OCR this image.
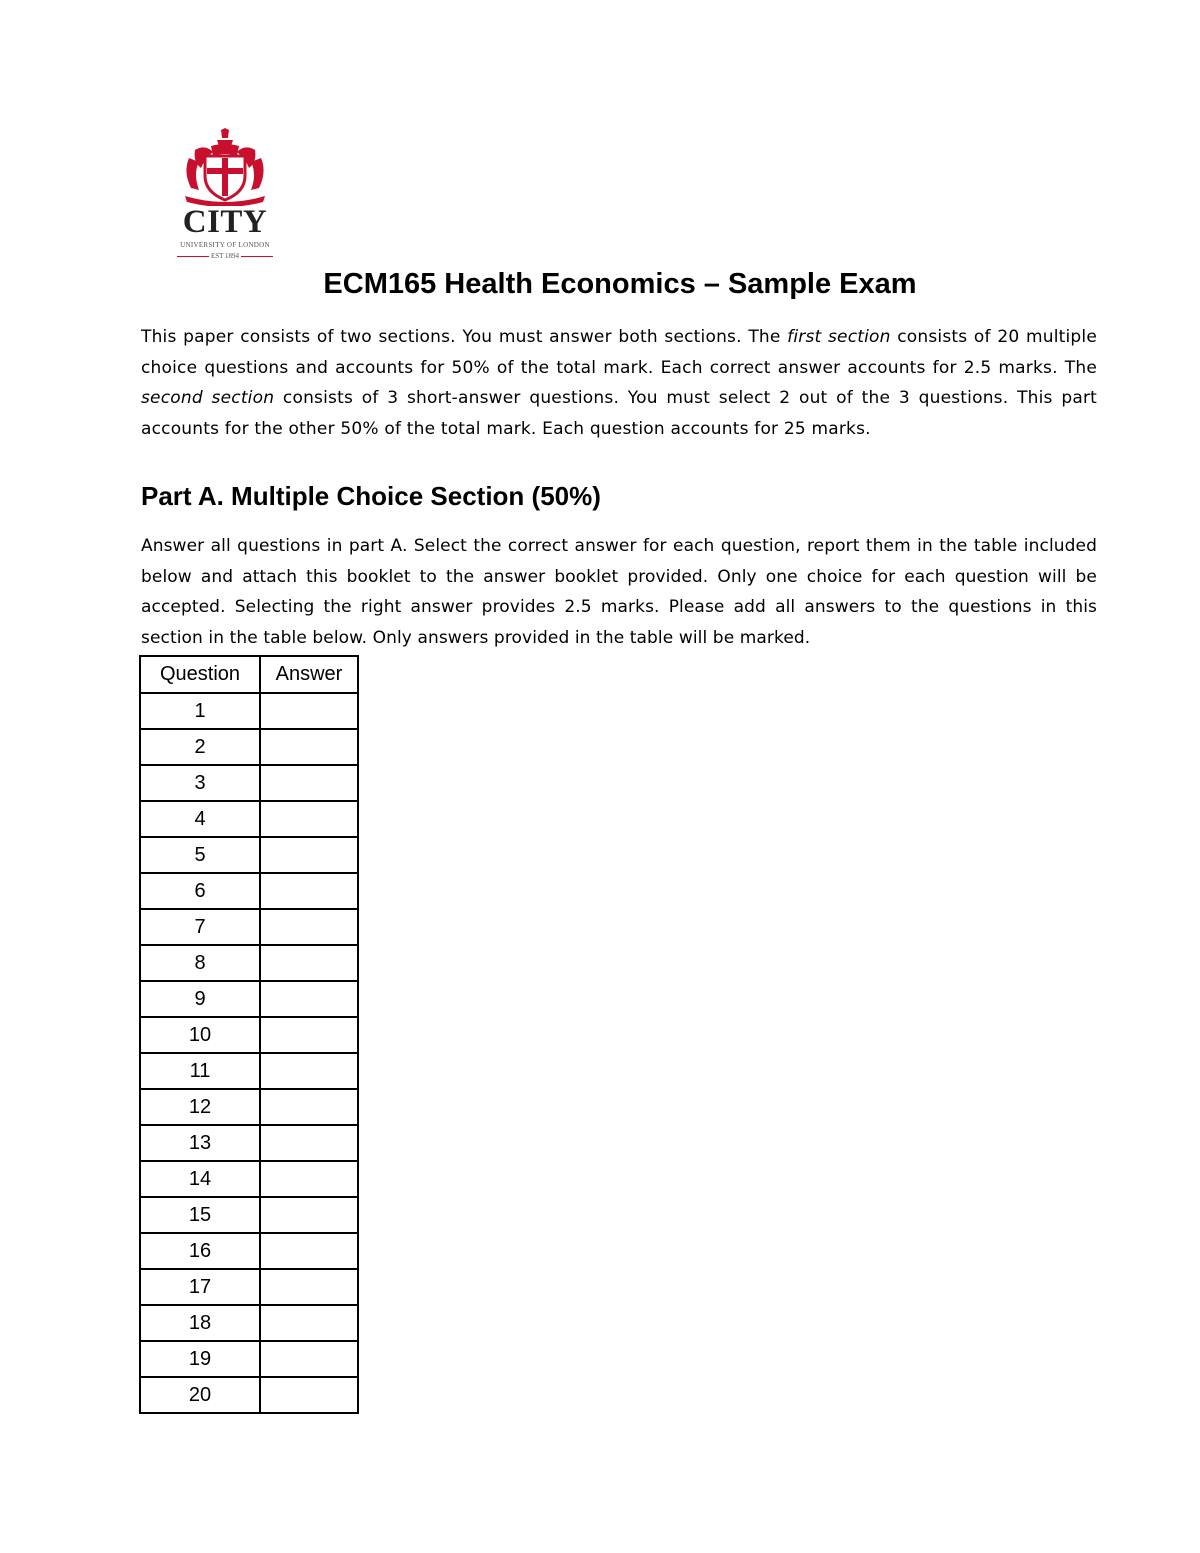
CITY
UNIVERSITY OF LONDON
EST 1894
ECM165 Health Economics – Sample Exam

This paper consists of two sections. You must answer both sections. The first section consists of 20 multiple choice questions and accounts for 50% of the total mark. Each correct answer accounts for 2.5 marks. The second section consists of 3 short-answer questions. You must select 2 out of the 3 questions. This part accounts for the other 50% of the total mark. Each question accounts for 25 marks.

Part A. Multiple Choice Section (50%)

Answer all questions in part A. Select the correct answer for each question, report them in the table included below and attach this booklet to the answer booklet provided. Only one choice for each question will be accepted. Selecting the right answer provides 2.5 marks. Please add all answers to the questions in this section in the table below. Only answers provided in the table will be marked.

Question	Answer
1	
2	
3	
4	
5	
6	
7	
8	
9	
10	
11	
12	
13	
14	
15	
16	
17	
18	
19	
20	
